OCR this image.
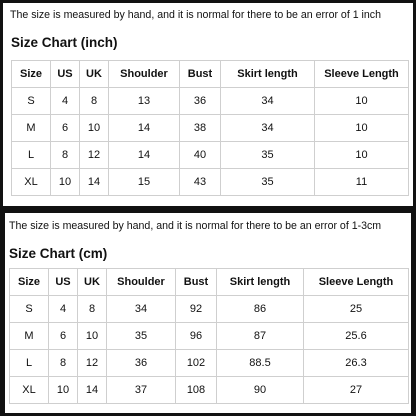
The size is measured by hand, and it is normal for there to be an error of 1 inch
Size Chart (inch)
Size	US	UK	Shoulder	Bust	Skirt length	Sleeve Length
S	4	8	13	36	34	10
M	6	10	14	38	34	10
L	8	12	14	40	35	10
XL	10	14	15	43	35	11
The size is measured by hand, and it is normal for there to be an error of 1-3cm
Size Chart (cm)
Size	US	UK	Shoulder	Bust	Skirt length	Sleeve Length
S	4	8	34	92	86	25
M	6	10	35	96	87	25.6
L	8	12	36	102	88.5	26.3
XL	10	14	37	108	90	27
